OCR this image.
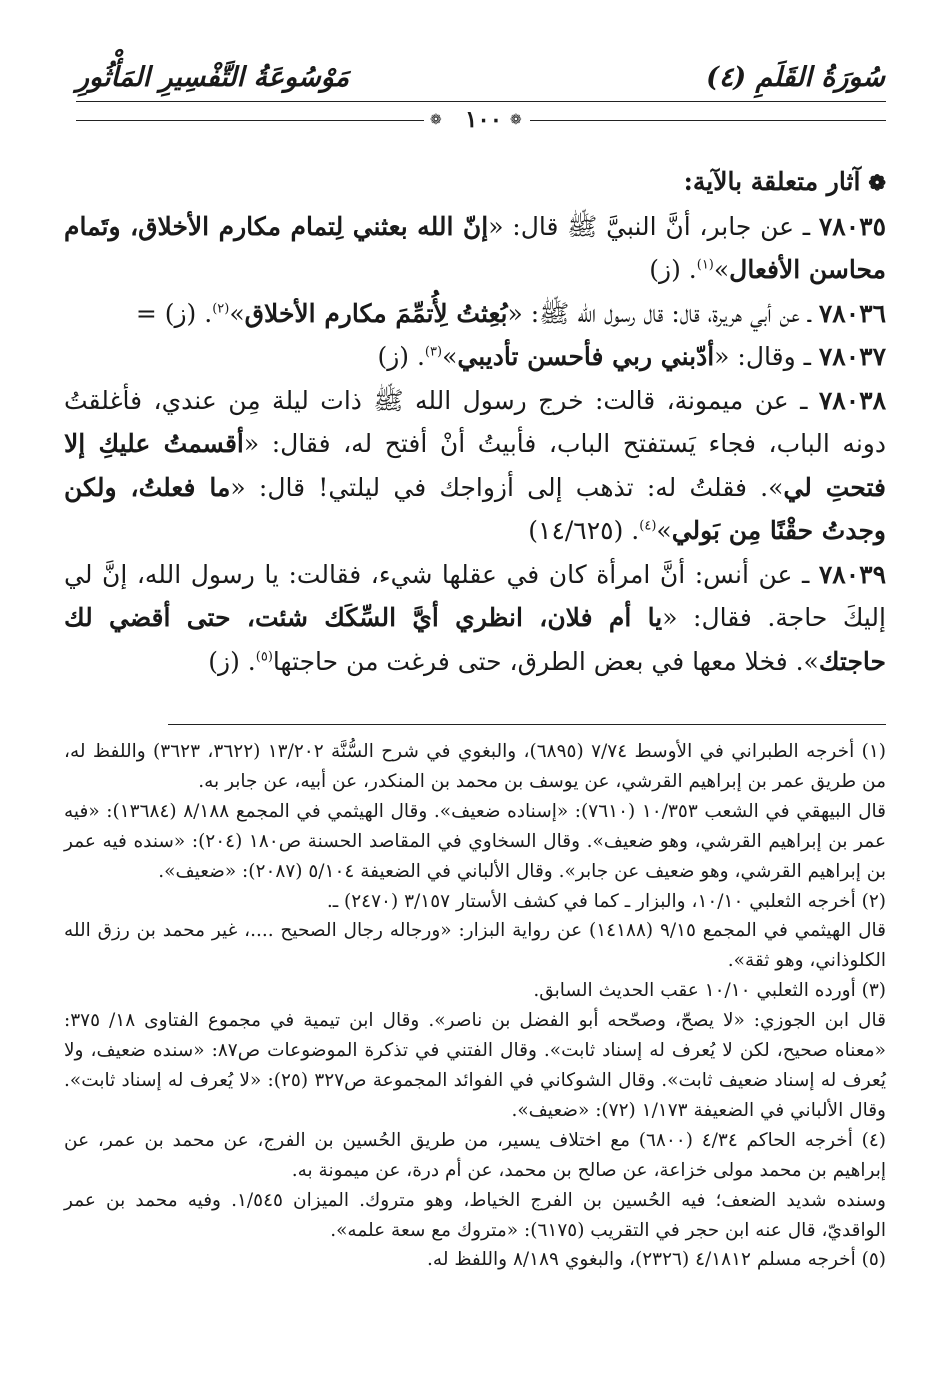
سُورَةُ القَلَمِ (٤)
مَوْسُوعَةُ التَّفْسِيرِ المَأْثُورِ
❁	❁
١٠٠
❁آثار متعلقة بالآية:

٧٨٠٣٥ ـ عن جابر، أنَّ النبيَّ ﷺ قال: «إنّ الله بعثني لِتمام مكارم الأخلاق، وتَمام محاسن الأفعال»$^{(١)}$. (ز)

٧٨٠٣٦ ـ عن أبي هريرة، قال: قال رسول الله ﷺ: «بُعِثتُ لِأُتمِّمَ مكارم الأخلاق»$^{(٢)}$. (ز) =

٧٨٠٣٧ ـ وقال: «أدّبني ربي فأحسن تأديبي»$^{(٣)}$. (ز)

٧٨٠٣٨ ـ عن ميمونة، قالت: خرج رسول الله ﷺ ذات ليلة مِن عندي، فأغلقتُ دونه الباب، فجاء يَستفتح الباب، فأبيتُ أنْ أفتح له، فقال: «أقسمتُ عليكِ إلا فتحتِ لي». فقلتُ له: تذهب إلى أزواجك في ليلتي! قال: «ما فعلتُ، ولكن وجدتُ حقْنًا مِن بَولي»$^{(٤)}$. (١٤/٦٢٥)

٧٨٠٣٩ ـ عن أنس: أنَّ امرأة كان في عقلها شيء، فقالت: يا رسول الله، إنَّ لي إليكَ حاجة. فقال: «يا أم فلان، انظري أيَّ السِّكَك شئت، حتى أقضي لك حاجتك». فخلا معها في بعض الطرق، حتى فرغت من حاجتها$^{(٥)}$. (ز)

(١) أخرجه الطبراني في الأوسط ٧/٧٤ (٦٨٩٥)، والبغوي في شرح السُّنَّة ١٣/٢٠٢ (٣٦٢٢، ٣٦٢٣) واللفظ له، من طريق عمر بن إبراهيم القرشي، عن يوسف بن محمد بن المنكدر، عن أبيه، عن جابر به.

قال البيهقي في الشعب ١٠/٣٥٣ (٧٦١٠): «إسناده ضعيف». وقال الهيثمي في المجمع ٨/١٨٨ (١٣٦٨٤): «فيه عمر بن إبراهيم القرشي، وهو ضعيف». وقال السخاوي في المقاصد الحسنة ص١٨٠ (٢٠٤): «سنده فيه عمر بن إبراهيم القرشي، وهو ضعيف عن جابر». وقال الألباني في الضعيفة ٥/١٠٤ (٢٠٨٧): «ضعيف».

(٢) أخرجه الثعلبي ١٠/١٠، والبزار ـ كما في كشف الأستار ٣/١٥٧ (٢٤٧٠) ـ.

قال الهيثمي في المجمع ٩/١٥ (١٤١٨٨) عن رواية البزار: «ورجاله رجال الصحيح ....، غير محمد بن رزق الله الكلوذاني، وهو ثقة».

(٣) أورده الثعلبي ١٠/١٠ عقب الحديث السابق.

قال ابن الجوزي: «لا يصحّ، وصحّحه أبو الفضل بن ناصر». وقال ابن تيمية في مجموع الفتاوى ١٨/ ٣٧٥: «معناه صحيح، لكن لا يُعرف له إسناد ثابت». وقال الفتني في تذكرة الموضوعات ص٨٧: «سنده ضعيف، ولا يُعرف له إسناد ضعيف ثابت». وقال الشوكاني في الفوائد المجموعة ص٣٢٧ (٢٥): «لا يُعرف له إسناد ثابت». وقال الألباني في الضعيفة ١/١٧٣ (٧٢): «ضعيف».

(٤) أخرجه الحاكم ٤/٣٤ (٦٨٠٠) مع اختلاف يسير، من طريق الحُسين بن الفرج، عن محمد بن عمر، عن إبراهيم بن محمد مولى خزاعة، عن صالح بن محمد، عن أم درة، عن ميمونة به.

وسنده شديد الضعف؛ فيه الحُسين بن الفرج الخياط، وهو متروك. الميزان ١/٥٤٥. وفيه محمد بن عمر الواقديّ، قال عنه ابن حجر في التقريب (٦١٧٥): «متروك مع سعة علمه».

(٥) أخرجه مسلم ٤/١٨١٢ (٢٣٢٦)، والبغوي ٨/١٨٩ واللفظ له.
